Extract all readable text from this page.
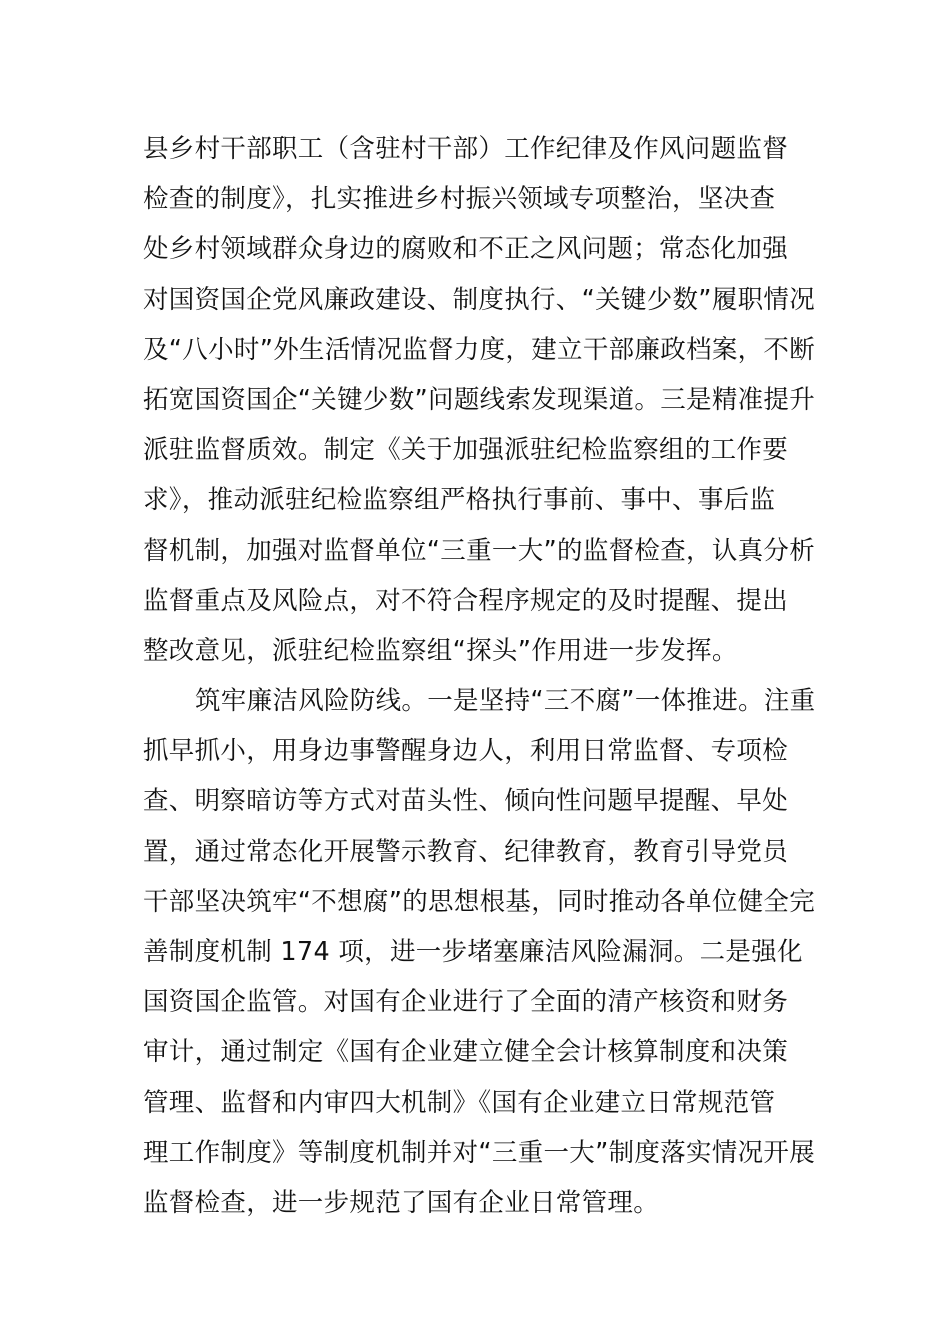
县乡村干部职工（含驻村干部）工作纪律及作风问题监督
检查的制度》，扎实推进乡村振兴领域专项整治，坚决查
处乡村领域群众身边的腐败和不正之风问题；常态化加强
对国资国企党风廉政建设、制度执行、“关键少数”履职情况
及“八小时”外生活情况监督力度，建立干部廉政档案，不断
拓宽国资国企“关键少数”问题线索发现渠道。三是精准提升
派驻监督质效。制定《关于加强派驻纪检监察组的工作要
求》，推动派驻纪检监察组严格执行事前、事中、事后监
督机制，加强对监督单位“三重一大”的监督检查，认真分析
监督重点及风险点，对不符合程序规定的及时提醒、提出
整改意见，派驻纪检监察组“探头”作用进一步发挥。
筑牢廉洁风险防线。一是坚持“三不腐”一体推进。注重
抓早抓小，用身边事警醒身边人，利用日常监督、专项检
查、明察暗访等方式对苗头性、倾向性问题早提醒、早处
置，通过常态化开展警示教育、纪律教育，教育引导党员
干部坚决筑牢“不想腐”的思想根基，同时推动各单位健全完
善制度机制 174 项，进一步堵塞廉洁风险漏洞。二是强化
国资国企监管。对国有企业进行了全面的清产核资和财务
审计，通过制定《国有企业建立健全会计核算制度和决策
管理、监督和内审四大机制》《国有企业建立日常规范管
理工作制度》等制度机制并对“三重一大”制度落实情况开展
监督检查，进一步规范了国有企业日常管理。
